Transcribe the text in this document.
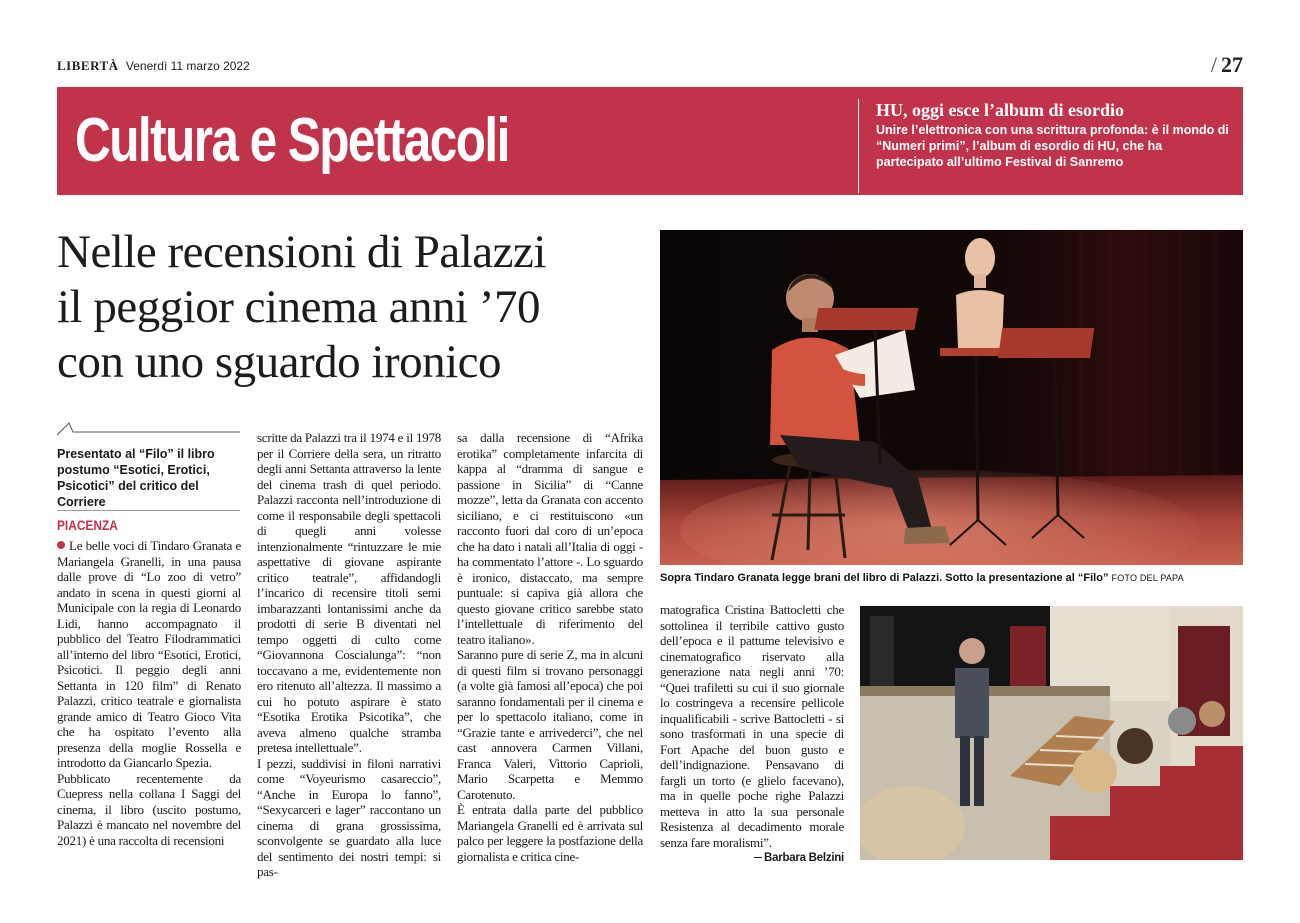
LIBERTÀ Venerdì 11 marzo 2022	/ 27
Cultura e Spettacoli	HU, oggi esce l’album di esordio
Unire l’elettronica con una scrittura profonda: è il mondo di “Numeri primi”, l’album di esordio di HU, che ha partecipato all’ultimo Festival di Sanremo
Nelle recensioni di Palazzi
il peggior cinema anni ’70
con uno sguardo ironico
Sopra Tindaro Granata legge brani del libro di Palazzi. Sotto la presentazione al “Filo” FOTO DEL PAPA
Presentato al “Filo” il libro postumo “Esotici, Erotici, Psicotici” del critico del Corriere
PIACENZA

Le belle voci di Tindaro Granata e Mariangela Granelli, in una pausa dalle prove di “Lo zoo di vetro” andato in scena in questi giorni al Municipale con la regia di Leonardo Lidi, hanno accompagnato il pubblico del Teatro Filodrammatici all’interno del libro “Esotici, Erotici, Psicotici. Il peggio degli anni Settanta in 120 film” di Renato Palazzi, critico teatrale e giornalista grande amico di Teatro Gioco Vita che ha ospitato l’evento alla presenza della moglie Rossella e introdotto da Giancarlo Spezia.

Pubblicato recentemente da Cuepress nella collana I Saggi del cinema, il libro (uscito postumo, Palazzi è mancato nel novembre del 2021) è una raccolta di recensioni

scritte da Palazzi tra il 1974 e il 1978 per il Corriere della sera, un ritratto degli anni Settanta attraverso la lente del cinema trash di quel periodo. Palazzi racconta nell’introduzione di come il responsabile degli spettacoli di quegli anni volesse intenzionalmente “rintuzzare le mie aspettative di giovane aspirante critico teatrale”, affidandogli l’incarico di recensire titoli semi imbarazzanti lontanissimi anche da prodotti di serie B diventati nel tempo oggetti di culto come “Giovannona Coscialunga”: “non toccavano a me, evidentemente non ero ritenuto all’altezza. Il massimo a cui ho potuto aspirare è stato “Esotika Erotika Psicotika”, che aveva almeno qualche stramba pretesa intellettuale”.

I pezzi, suddivisi in filoni narrativi come “Voyeurismo casareccio”, “Anche in Europa lo fanno”, “Sexycarceri e lager” raccontano un cinema di grana grossissima, sconvolgente se guardato alla luce del sentimento dei nostri tempi: si pas-

sa dalla recensione di “Afrika erotika” completamente infarcita di kappa al “dramma di sangue e passione in Sicilia” di “Canne mozze”, letta da Granata con accento siciliano, e ci restituiscono «un racconto fuori dal coro di un’epoca che ha dato i natali all’Italia di oggi - ha commentato l’attore -. Lo sguardo è ironico, distaccato, ma sempre puntuale: si capiva già allora che questo giovane critico sarebbe stato l’intellettuale di riferimento del teatro italiano».

Saranno pure di serie Z, ma in alcuni di questi film si trovano personaggi (a volte già famosi all’epoca) che poi saranno fondamentali per il cinema e per lo spettacolo italiano, come in “Grazie tante e arrivederci”, che nel cast annovera Carmen Villani, Franca Valeri, Vittorio Caprioli, Mario Scarpetta e Memmo Carotenuto.

È entrata dalla parte del pubblico Mariangela Granelli ed è arrivata sul palco per leggere la postfazione della giornalista e critica cine-

matografica Cristina Battocletti che sottolinea il terribile cattivo gusto dell’epoca e il pattume televisivo e cinematografico riservato alla generazione nata negli anni ’70: “Quei trafiletti su cui il suo giornale lo costringeva a recensire pellicole inqualificabili - scrive Battocletti - si sono trasformati in una specie di Fort Apache del buon gusto e dell’indignazione. Pensavano di fargli un torto (e glielo facevano), ma in quelle poche righe Palazzi metteva in atto la sua personale Resistenza al decadimento morale senza fare moralismi”.

Barbara Belzini
